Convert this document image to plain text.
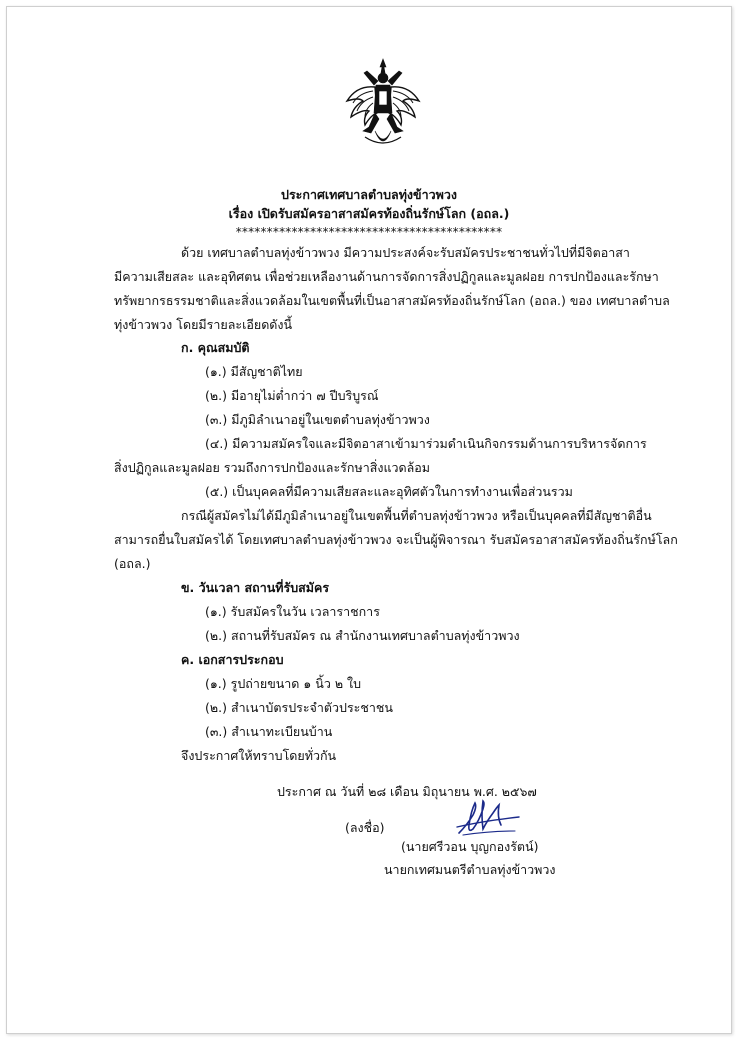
ประกาศเทศบาลตำบลทุ่งข้าวพวง
เรื่อง เปิดรับสมัครอาสาสมัครท้องถิ่นรักษ์โลก (อถล.)
*******************************************
ด้วย เทศบาลตำบลทุ่งข้าวพวง มีความประสงค์จะรับสมัครประชาชนทั่วไปที่มีจิตอาสา
มีความเสียสละ และอุทิศตน เพื่อช่วยเหลืองานด้านการจัดการสิ่งปฏิกูลและมูลฝอย การปกป้องและรักษา
ทรัพยากรธรรมชาติและสิ่งแวดล้อมในเขตพื้นที่เป็นอาสาสมัครท้องถิ่นรักษ์โลก (อถล.) ของ เทศบาลตำบล
ทุ่งข้าวพวง โดยมีรายละเอียดดังนี้
ก. คุณสมบัติ
(๑.) มีสัญชาติไทย
(๒.) มีอายุไม่ต่ำกว่า ๗ ปีบริบูรณ์
(๓.) มีภูมิลำเนาอยู่ในเขตตำบลทุ่งข้าวพวง
(๔.) มีความสมัครใจและมีจิตอาสาเข้ามาร่วมดำเนินกิจกรรมด้านการบริหารจัดการ
สิ่งปฏิกูลและมูลฝอย รวมถึงการปกป้องและรักษาสิ่งแวดล้อม
(๕.) เป็นบุคคลที่มีความเสียสละและอุทิศตัวในการทำงานเพื่อส่วนรวม
กรณีผู้สมัครไม่ได้มีภูมิลำเนาอยู่ในเขตพื้นที่ตำบลทุ่งข้าวพวง หรือเป็นบุคคลที่มีสัญชาติอื่น
สามารถยื่นใบสมัครได้ โดยเทศบาลตำบลทุ่งข้าวพวง จะเป็นผู้พิจารณา รับสมัครอาสาสมัครท้องถิ่นรักษ์โลก
(อถล.)
ข. วันเวลา สถานที่รับสมัคร
(๑.) รับสมัครในวัน เวลาราชการ
(๒.) สถานที่รับสมัคร ณ สำนักงานเทศบาลตำบลทุ่งข้าวพวง
ค. เอกสารประกอบ
(๑.) รูปถ่ายขนาด ๑ นิ้ว ๒ ใบ
(๒.) สำเนาบัตรประจำตัวประชาชน
(๓.) สำเนาทะเบียนบ้าน
จึงประกาศให้ทราบโดยทั่วกัน
ประกาศ ณ วันที่ ๒๘ เดือน มิถุนายน พ.ศ. ๒๕๖๗
(ลงชื่อ)
(นายศรีวอน บุญกองรัตน์)
นายกเทศมนตรีตำบลทุ่งข้าวพวง
